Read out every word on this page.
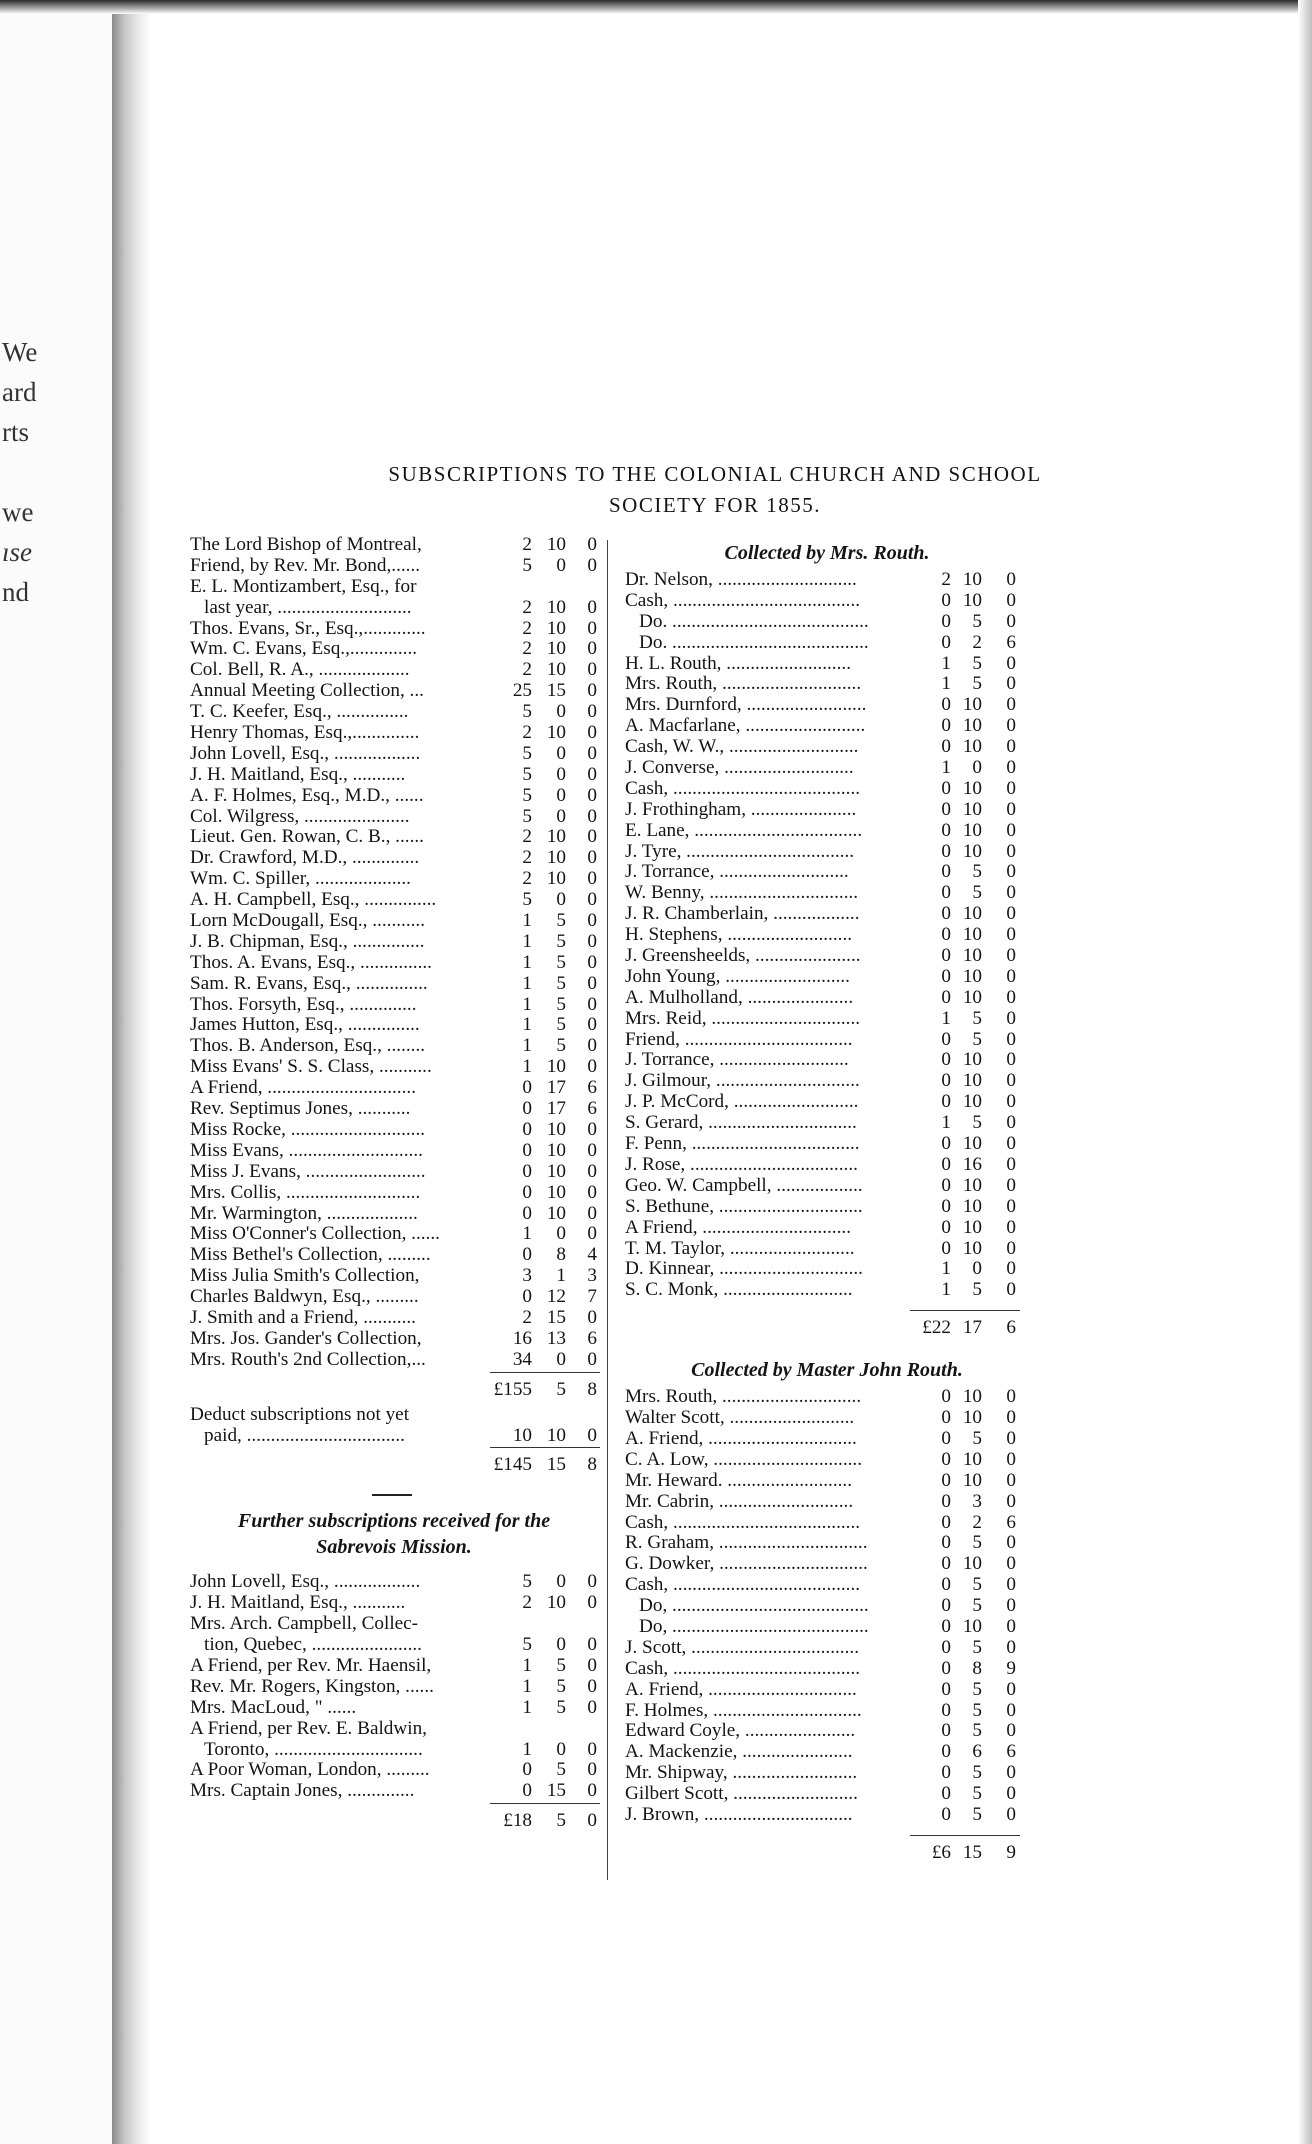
We
ard
rts
we
ıse
nd
SUBSCRIPTIONS TO THE COLONIAL CHURCH AND SCHOOL
SOCIETY FOR 1855.
The Lord Bishop of Montreal,	2 10	0
Friend, by Rev. Mr. Bond,......	5	0	0
E. L. Montizambert, Esq., for
last year, ............................	2 10	0
Thos. Evans, Sr., Esq.,.............	2 10	0
Wm. C. Evans, Esq.,..............	2 10	0
Col. Bell, R. A., ...................	2 10	0
Annual Meeting Collection, ...	25 15	0
T. C. Keefer, Esq., ...............	5	0	0
Henry Thomas, Esq.,..............	2 10	0
John Lovell, Esq., ..................	5	0	0
J. H. Maitland, Esq., ...........	5	0	0
A. F. Holmes, Esq., M.D., ......	5	0	0
Col. Wilgress, ......................	5	0	0
Lieut. Gen. Rowan, C. B., ......	2 10	0
Dr. Crawford, M.D., ..............	2 10	0
Wm. C. Spiller, ....................	2 10	0
A. H. Campbell, Esq., ...............	5	0	0
Lorn McDougall, Esq., ...........	1	5	0
J. B. Chipman, Esq., ...............	1	5	0
Thos. A. Evans, Esq., ...............	1	5	0
Sam. R. Evans, Esq., ...............	1	5	0
Thos. Forsyth, Esq., ..............	1	5	0
James Hutton, Esq., ...............	1	5	0
Thos. B. Anderson, Esq., ........	1	5	0
Miss Evans' S. S. Class, ...........	1 10	0
A Friend, ...............................	0 17	6
Rev. Septimus Jones, ...........	0 17	6
Miss Rocke, ............................	0 10	0
Miss Evans, ............................	0 10	0
Miss J. Evans, .........................	0 10	0
Mrs. Collis, ............................	0 10	0
Mr. Warmington, ...................	0 10	0
Miss O'Conner's Collection, ......	1	0	0
Miss Bethel's Collection, .........	0	8	4
Miss Julia Smith's Collection,	3	1	3
Charles Baldwyn, Esq., .........	0 12	7
J. Smith and a Friend, ...........	2 15	0
Mrs. Jos. Gander's Collection,	16 13	6
Mrs. Routh's 2nd Collection,...	34	0	0
£155	5	8
Deduct subscriptions not yet
paid, .................................	10 10	0
£145 15	8
Further subscriptions received for the
Sabrevois Mission.
John Lovell, Esq., ..................	5	0	0
J. H. Maitland, Esq., ...........	2 10	0
Mrs. Arch. Campbell, Collec-
tion, Quebec, .......................	5	0	0
A Friend, per Rev. Mr. Haensil,	1	5	0
Rev. Mr. Rogers, Kingston, ......	1	5	0
Mrs. MacLoud, " ......	1	5	0
A Friend, per Rev. E. Baldwin,
Toronto, ...............................	1	0	0
A Poor Woman, London, .........	0	5	0
Mrs. Captain Jones, ..............	0 15	0
£18	5	0
Collected by Mrs. Routh.
Dr. Nelson, .............................	2 10	0
Cash, .......................................	0 10	0
Do. .........................................	0	5	0
Do. .........................................	0	2	6
H. L. Routh, ..........................	1	5	0
Mrs. Routh, .............................	1	5	0
Mrs. Durnford, .........................	0 10	0
A. Macfarlane, .........................	0 10	0
Cash, W. W., ...........................	0 10	0
J. Converse, ...........................	1	0	0
Cash, .......................................	0 10	0
J. Frothingham, ......................	0 10	0
E. Lane, ...................................	0 10	0
J. Tyre, ...................................	0 10	0
J. Torrance, ...........................	0	5	0
W. Benny, ...............................	0	5	0
J. R. Chamberlain, ..................	0 10	0
H. Stephens, ..........................	0 10	0
J. Greensheelds, ......................	0 10	0
John Young, ..........................	0 10	0
A. Mulholland, ......................	0 10	0
Mrs. Reid, ...............................	1	5	0
Friend, ...................................	0	5	0
J. Torrance, ...........................	0 10	0
J. Gilmour, ..............................	0 10	0
J. P. McCord, ..........................	0 10	0
S. Gerard, ...............................	1	5	0
F. Penn, ...................................	0 10	0
J. Rose, ...................................	0 16	0
Geo. W. Campbell, ..................	0 10	0
S. Bethune, ..............................	0 10	0
A Friend, ...............................	0 10	0
T. M. Taylor, ..........................	0 10	0
D. Kinnear, ..............................	1	0	0
S. C. Monk, ...........................	1	5	0
£22 17	6
Collected by Master John Routh.
Mrs. Routh, .............................	0 10	0
Walter Scott, ..........................	0 10	0
A. Friend, ...............................	0	5	0
C. A. Low, ...............................	0 10	0
Mr. Heward. ..........................	0 10	0
Mr. Cabrin, ............................	0	3	0
Cash, .......................................	0	2	6
R. Graham, ...............................	0	5	0
G. Dowker, ...............................	0 10	0
Cash, .......................................	0	5	0
Do, .........................................	0	5	0
Do, .........................................	0 10	0
J. Scott, ...................................	0	5	0
Cash, .......................................	0	8	9
A. Friend, ...............................	0	5	0
F. Holmes, ...............................	0	5	0
Edward Coyle, .......................	0	5	0
A. Mackenzie, .......................	0	6	6
Mr. Shipway, ..........................	0	5	0
Gilbert Scott, ..........................	0	5	0
J. Brown, ...............................	0	5	0
£6 15	9
